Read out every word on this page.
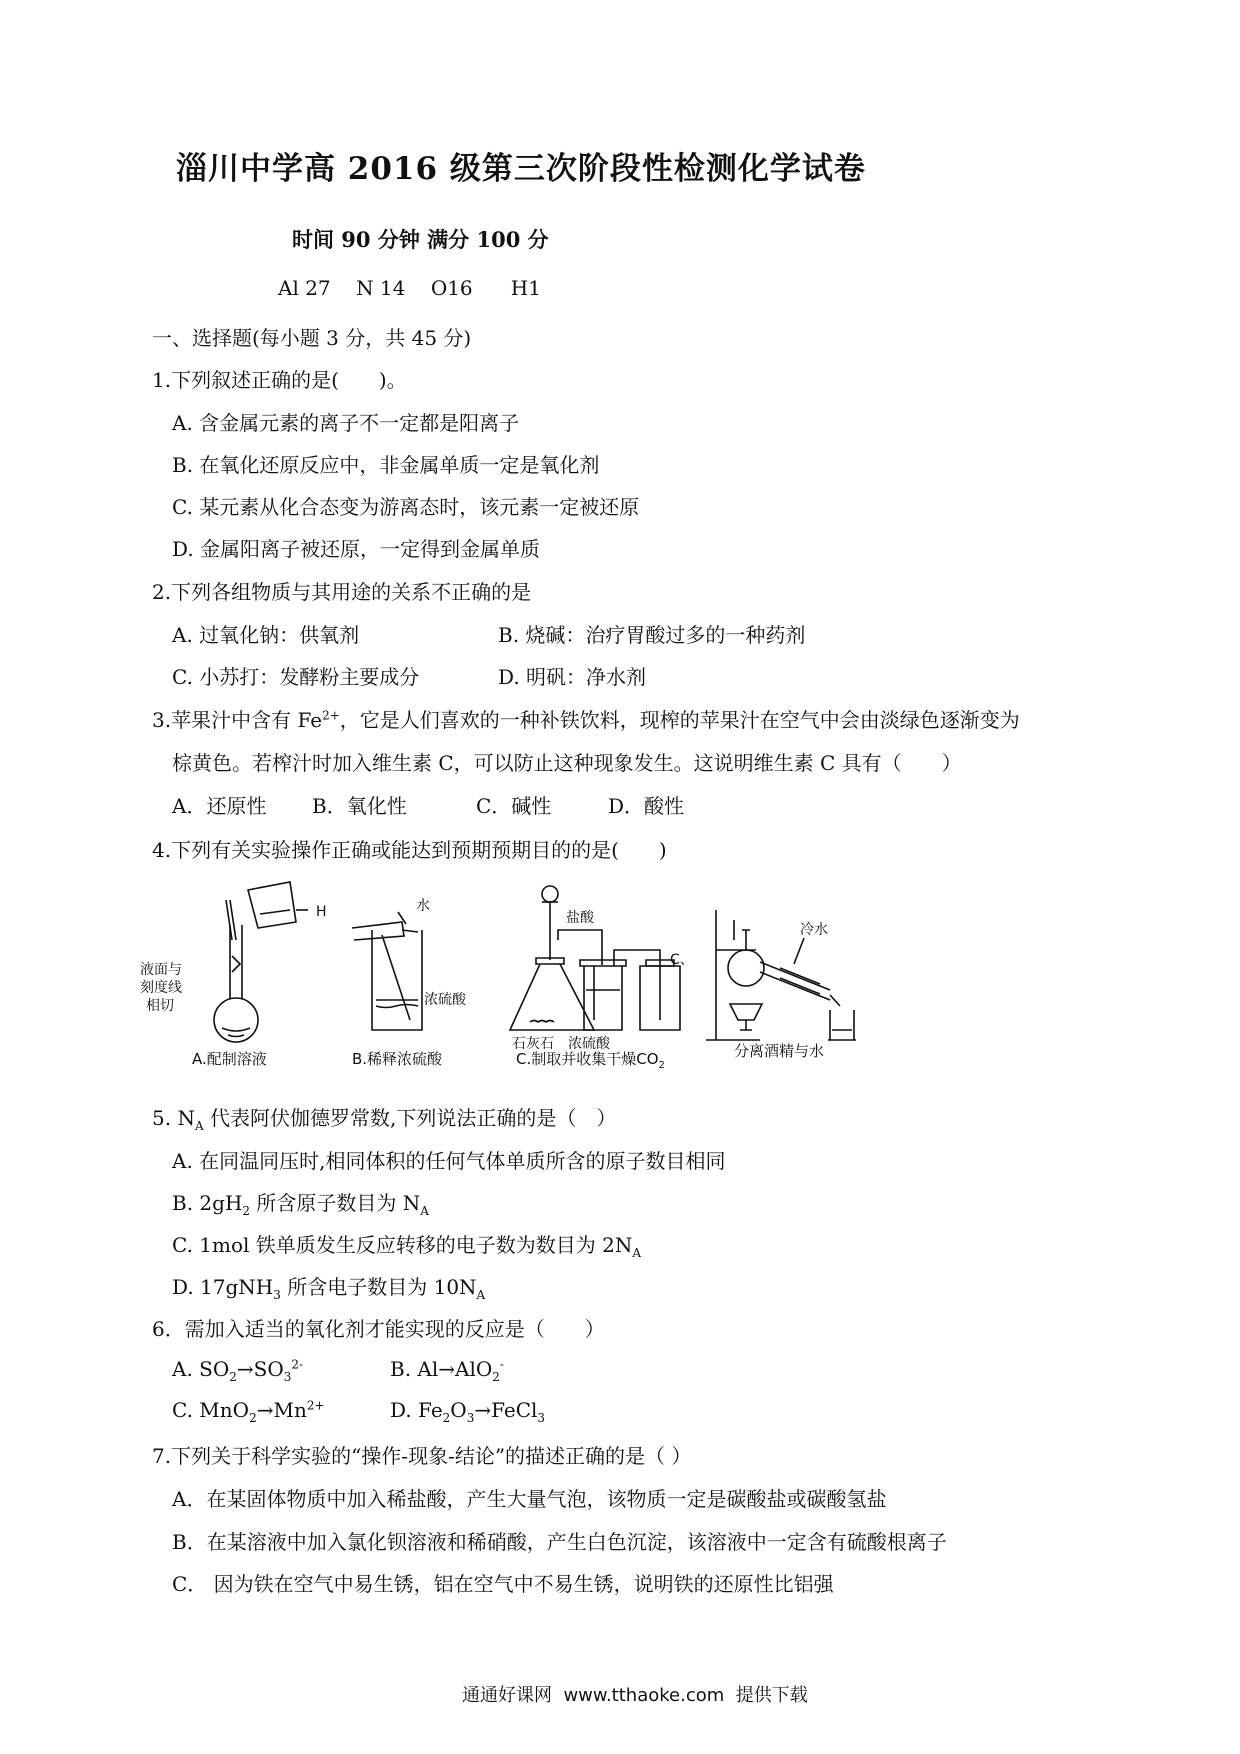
淄川中学高 2016 级第三次阶段性检测化学试卷
时间 90 分钟 满分 100 分
Al 27    N 14    O16      H1
一、选择题(每小题 3 分，共 45 分)
1.下列叙述正确的是(　　)。
A. 含金属元素的离子不一定都是阳离子
B. 在氧化还原反应中，非金属单质一定是氧化剂
C. 某元素从化合态变为游离态时，该元素一定被还原
D. 金属阳离子被还原，一定得到金属单质
2.下列各组物质与其用途的关系不正确的是
A. 过氧化钠：供氧剂	B. 烧碱：治疗胃酸过多的一种药剂
C. 小苏打：发酵粉主要成分	D. 明矾：净水剂
3.苹果汁中含有 $Fe^{2+}$，它是人们喜欢的一种补铁饮料，现榨的苹果汁在空气中会由淡绿色逐渐变为
棕黄色。若榨汁时加入维生素 C，可以防止这种现象发生。这说明维生素 C 具有（　　）
A．还原性 B．氧化性	C．碱性	D．酸性
4.下列有关实验操作正确或能达到预期预期目的的是(　　)
H
液面与
刻度线
相切
A.配制溶液
水
浓硫酸
B.稀释浓硫酸
盐酸
石灰石 浓硫酸
C.制取并收集干燥$CO_2$
C、
冷水
分离酒精与水
5. $N_A$ 代表阿伏伽德罗常数,下列说法正确的是（　）
A. 在同温同压时,相同体积的任何气体单质所含的原子数目相同
B. $2gH_2$ 所含原子数目为 $N_A$
C. 1mol 铁单质发生反应转移的电子数为数目为 $2N_A$
D. 17gNH$_3$ 所含电子数目为 $10N_A$
6．需加入适当的氧化剂才能实现的反应是（　　）
A. $SO_2\to SO_3^{2-}$	B. Al→AlO$_2$-
C. $MnO_2\to Mn^{2+}$	D. $Fe_2O_3\to FeCl_3$
7.下列关于科学实验的“操作-现象-结论”的描述正确的是（ ）
A．在某固体物质中加入稀盐酸，产生大量气泡，该物质一定是碳酸盐或碳酸氢盐
B．在某溶液中加入氯化钡溶液和稀硝酸，产生白色沉淀，该溶液中一定含有硫酸根离子
C． 因为铁在空气中易生锈，铝在空气中不易生锈，说明铁的还原性比铝强
通通好课网  www.tthaoke.com  提供下载
